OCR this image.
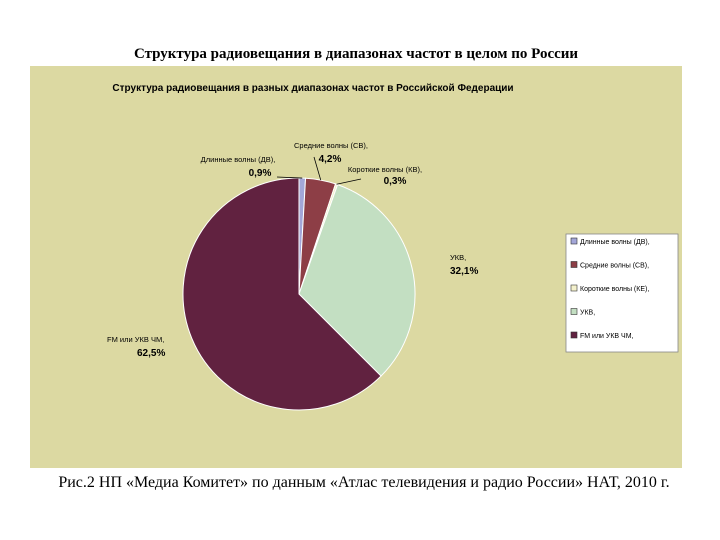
Структура радиовещания в диапазонах частот в целом по России
Структура радиовещания в разных диапазонах частот в Российской Федерации
Длинные волны (ДВ),
0,9%
Средние волны (СВ),
4,2%
Короткие волны (КВ),
0,3%
УКВ,
32,1%
FM или УКВ ЧМ,
62,5%
Длинные волны (ДВ),
Средние волны (СВ),
Короткие волны (КЕ),
УКВ,
FM или УКВ ЧМ,
Рис.2 НП «Медиа Комитет» по данным «Атлас телевидения и радио России» НАТ, 2010 г.
